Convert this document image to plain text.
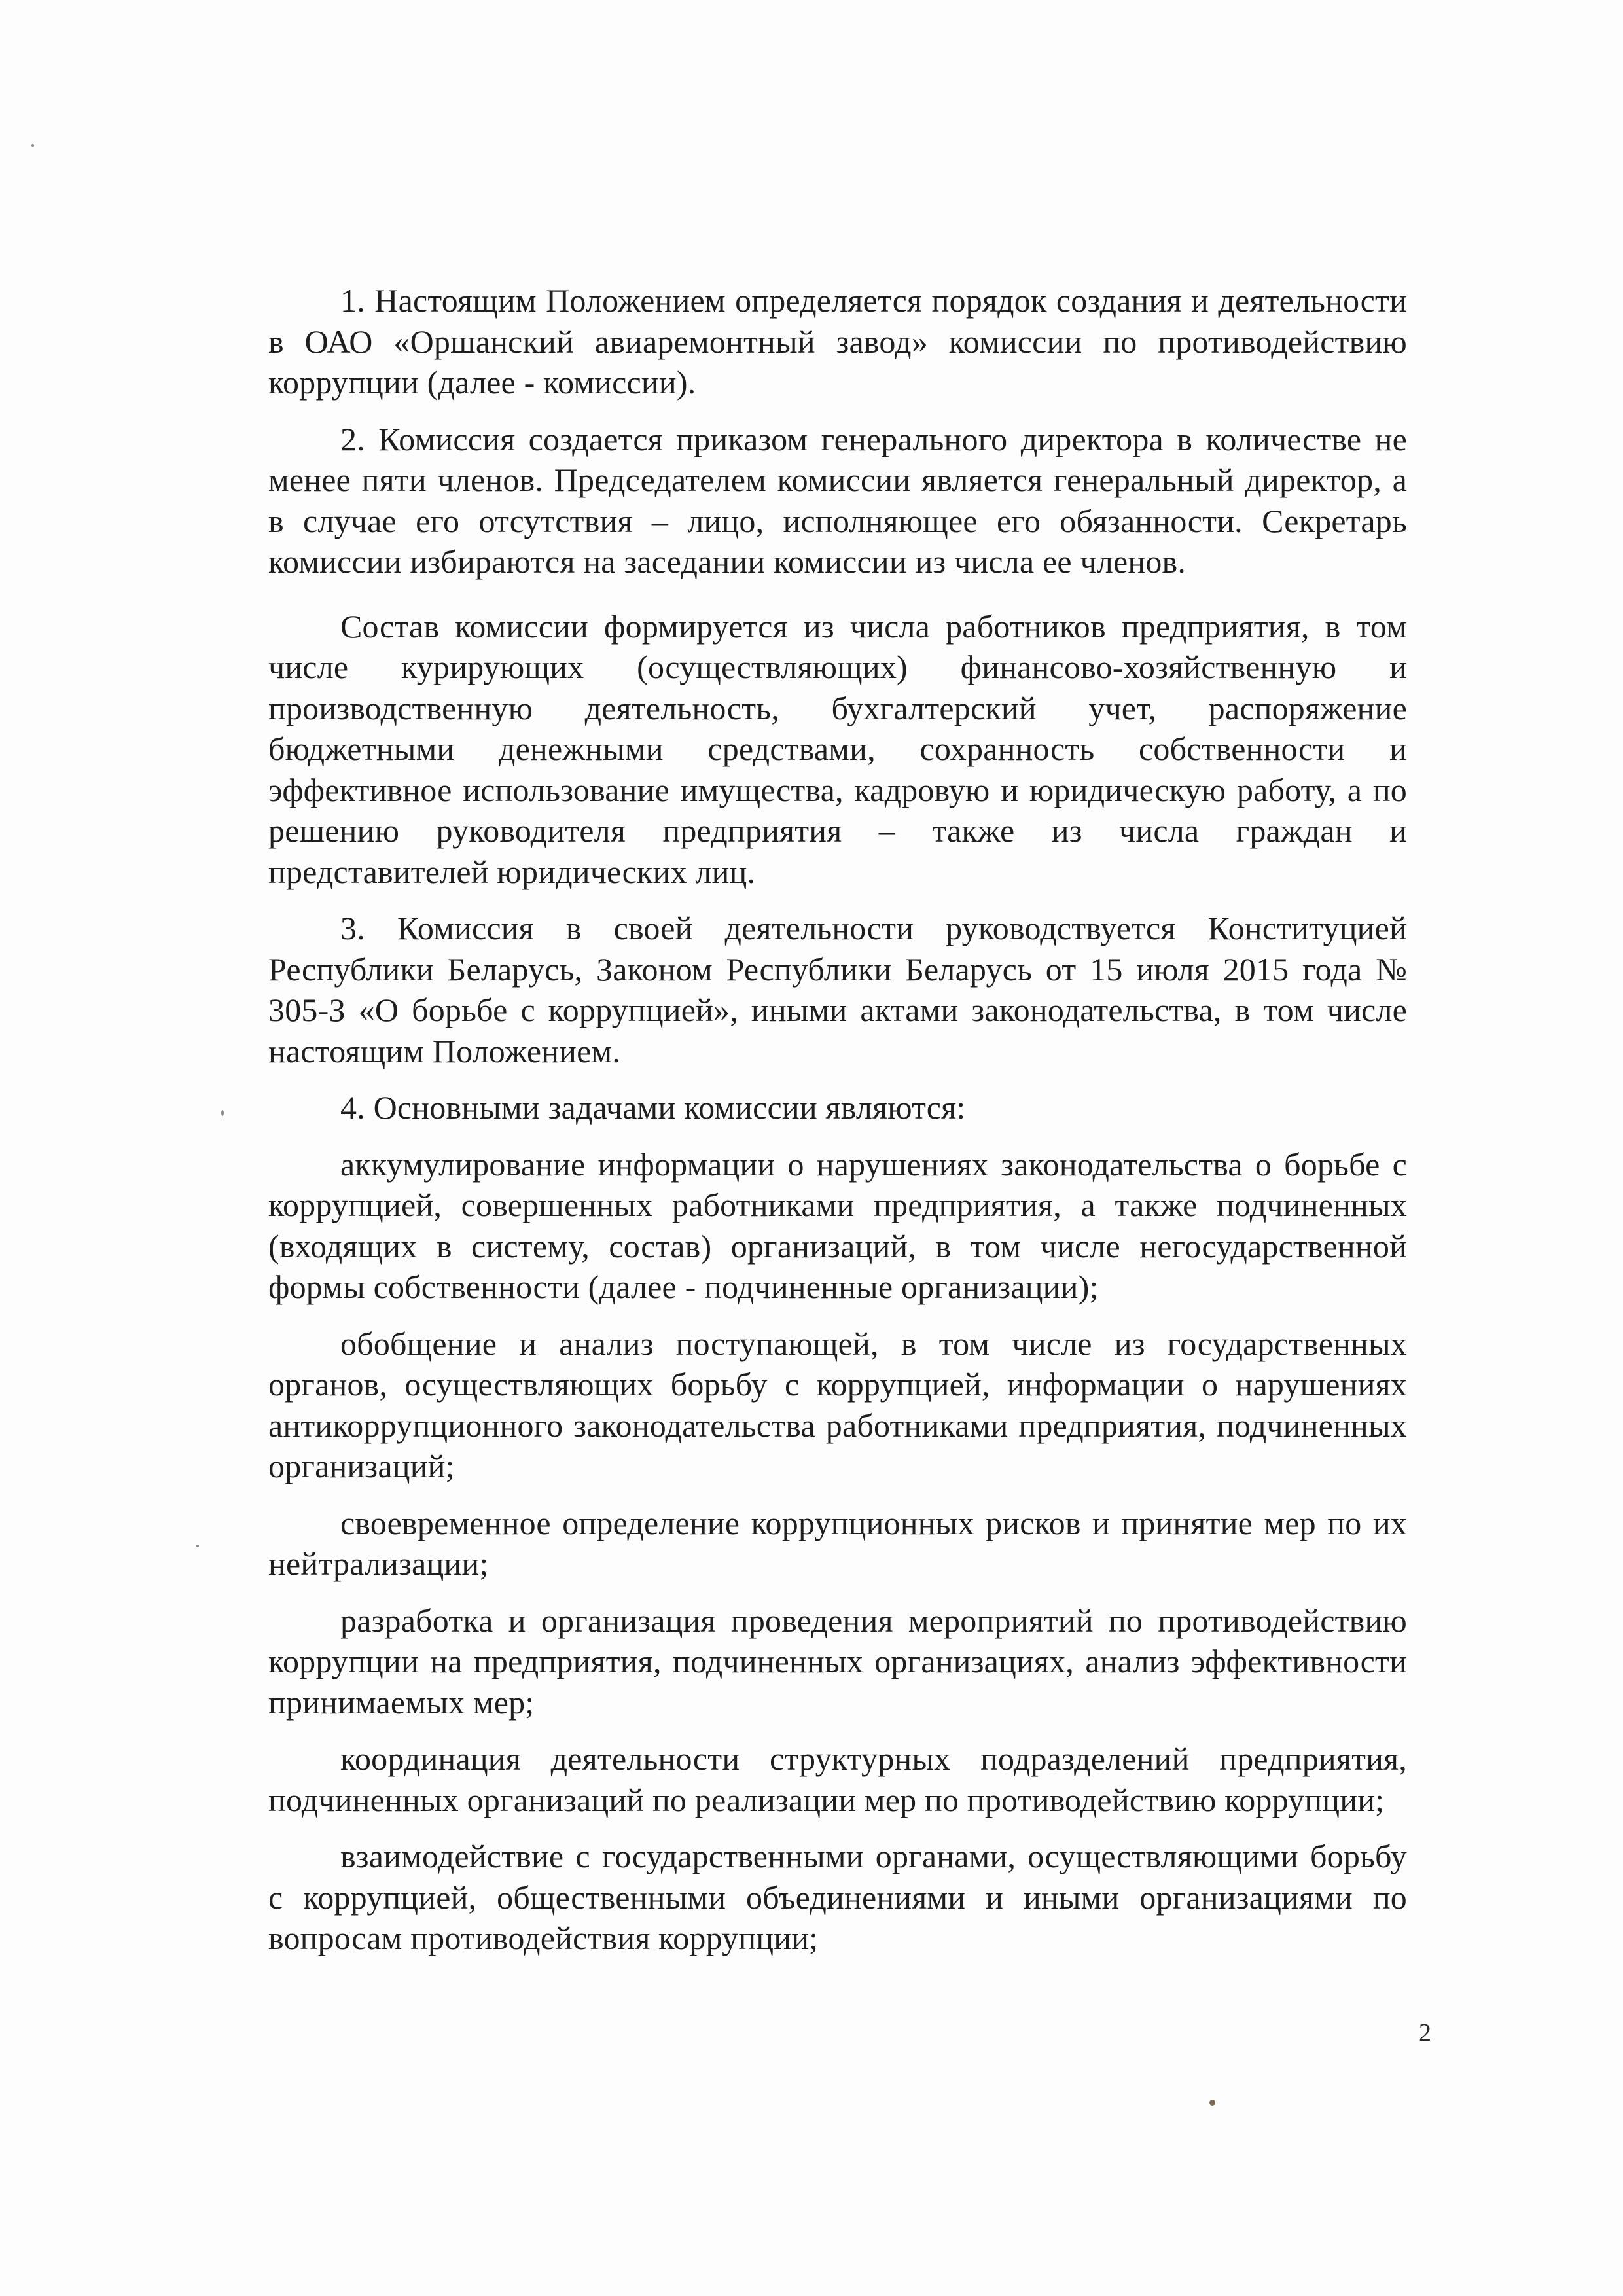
1. Настоящим Положением определяется порядок создания и деятельности в ОАО «Оршанский авиаремонтный завод» комиссии по противодействию коррупции (далее - комиссии).

2. Комиссия создается приказом генерального директора в количестве не менее пяти членов. Председателем комиссии является генеральный директор, а в случае его отсутствия – лицо, исполняющее его обязанности. Секретарь комиссии избираются на заседании комиссии из числа ее членов.

Состав комиссии формируется из числа работников предприятия, в том числе курирующих (осуществляющих) финансово-хозяйственную и производственную деятельность, бухгалтерский учет, распоряжение бюджетными денежными средствами, сохранность собственности и эффективное использование имущества, кадровую и юридическую работу, а по решению руководителя предприятия – также из числа граждан и представителей юридических лиц.

3. Комиссия в своей деятельности руководствуется Конституцией Республики Беларусь, Законом Республики Беларусь от 15 июля 2015 года № 305-З «О борьбе с коррупцией», иными актами законодательства, в том числе настоящим Положением.

4. Основными задачами комиссии являются:

аккумулирование информации о нарушениях законодательства о борьбе с коррупцией, совершенных работниками предприятия, а также подчиненных (входящих в систему, состав) организаций, в том числе негосударственной формы собственности (далее - подчиненные организации);

обобщение и анализ поступающей, в том числе из государственных органов, осуществляющих борьбу с коррупцией, информации о нарушениях антикоррупционного законодательства работниками предприятия, подчиненных организаций;

своевременное определение коррупционных рисков и принятие мер по их нейтрализации;

разработка и организация проведения мероприятий по противодействию коррупции на предприятия, подчиненных организациях, анализ эффективности принимаемых мер;

координация деятельности структурных подразделений предприятия, подчиненных организаций по реализации мер по противодействию коррупции;

взаимодействие с государственными органами, осуществляющими борьбу с коррупцией, общественными объединениями и иными организациями по вопросам противодействия коррупции;

2
